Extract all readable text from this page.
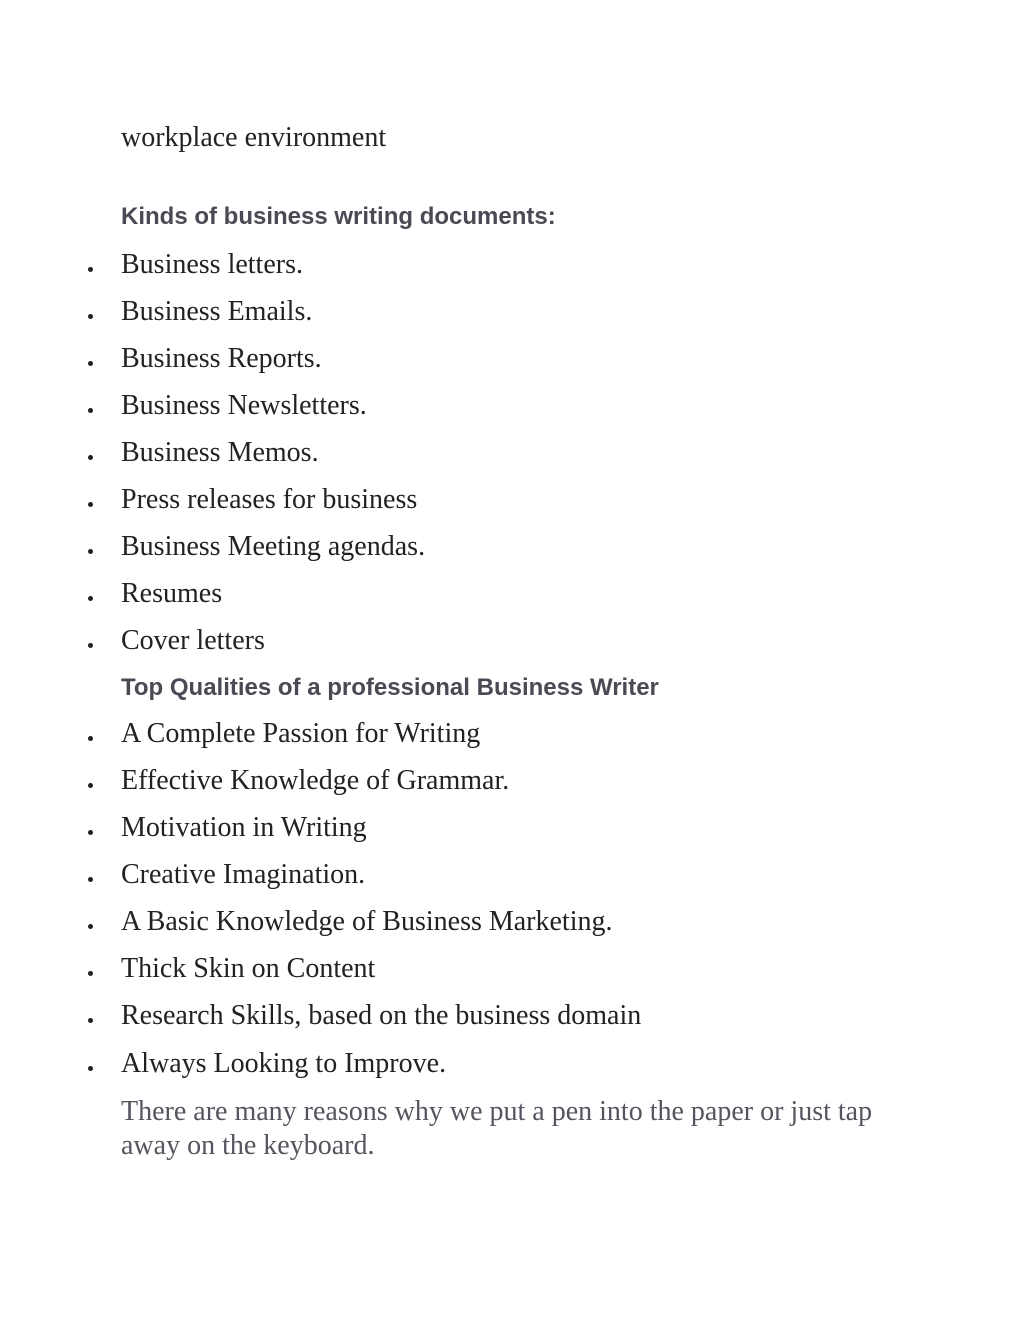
workplace environment
Kinds of business writing documents:
Business letters.
Business Emails.
Business Reports.
Business Newsletters.
Business Memos.
Press releases for business
Business Meeting agendas.
Resumes
Cover letters
Top Qualities of a professional Business Writer
A Complete Passion for Writing
Effective Knowledge of Grammar.
Motivation in Writing
Creative Imagination.
A Basic Knowledge of Business Marketing.
Thick Skin on Content
Research Skills, based on the business domain
Always Looking to Improve.
There are many reasons why we put a pen into the paper or just tap away on the keyboard.
